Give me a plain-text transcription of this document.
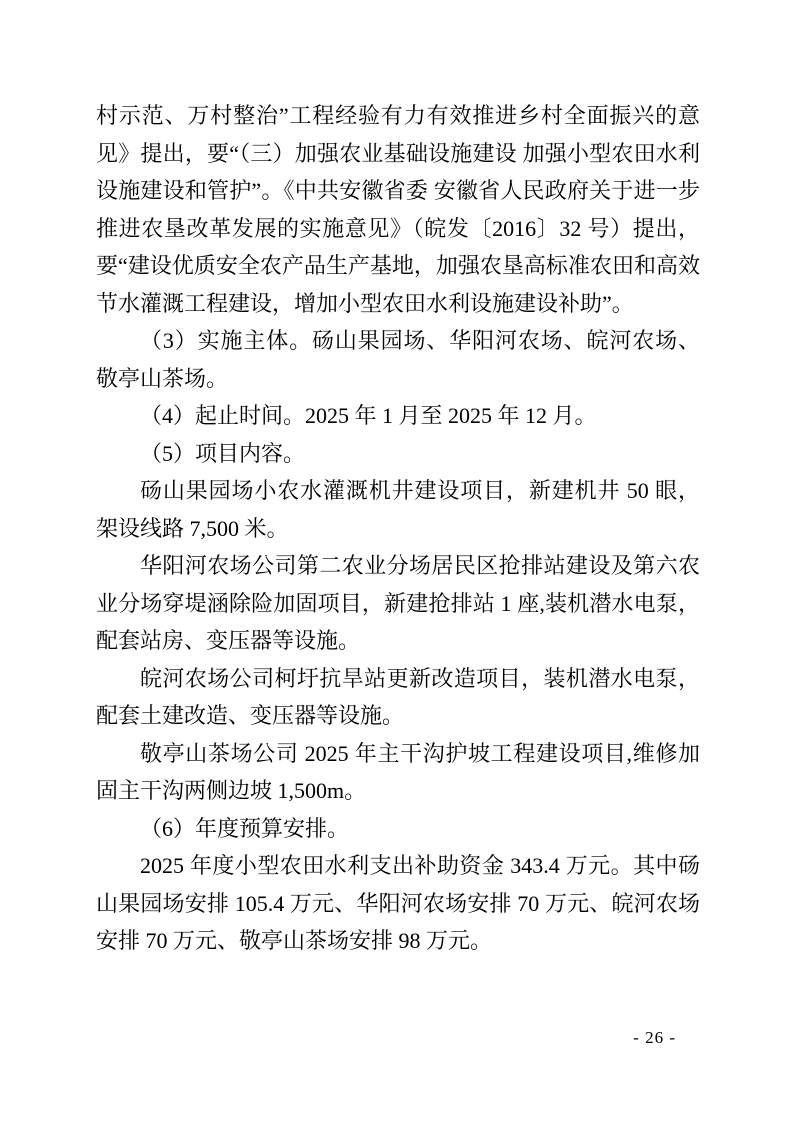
村示范、万村整治”工程经验有力有效推进乡村全面振兴的意见》提出，要“（三）加强农业基础设施建设 加强小型农田水利设施建设和管护”。《中共安徽省委 安徽省人民政府关于进一步推进农垦改革发展的实施意见》（皖发〔2016〕32 号）提出，要“建设优质安全农产品生产基地，加强农垦高标准农田和高效节水灌溉工程建设，增加小型农田水利设施建设补助”。

（3）实施主体。砀山果园场、华阳河农场、皖河农场、敬亭山茶场。

（4）起止时间。2025 年 1 月至 2025 年 12 月。

（5）项目内容。

砀山果园场小农水灌溉机井建设项目，新建机井 50 眼，架设线路 7,500 米。

华阳河农场公司第二农业分场居民区抢排站建设及第六农业分场穿堤涵除险加固项目，新建抢排站 1 座,装机潜水电泵，配套站房、变压器等设施。

皖河农场公司柯圩抗旱站更新改造项目，装机潜水电泵，配套土建改造、变压器等设施。

敬亭山茶场公司 2025 年主干沟护坡工程建设项目,维修加固主干沟两侧边坡 1,500m。

（6）年度预算安排。

2025 年度小型农田水利支出补助资金 343.4 万元。其中砀山果园场安排 105.4 万元、华阳河农场安排 70 万元、皖河农场安排 70 万元、敬亭山茶场安排 98 万元。

- 26 -
